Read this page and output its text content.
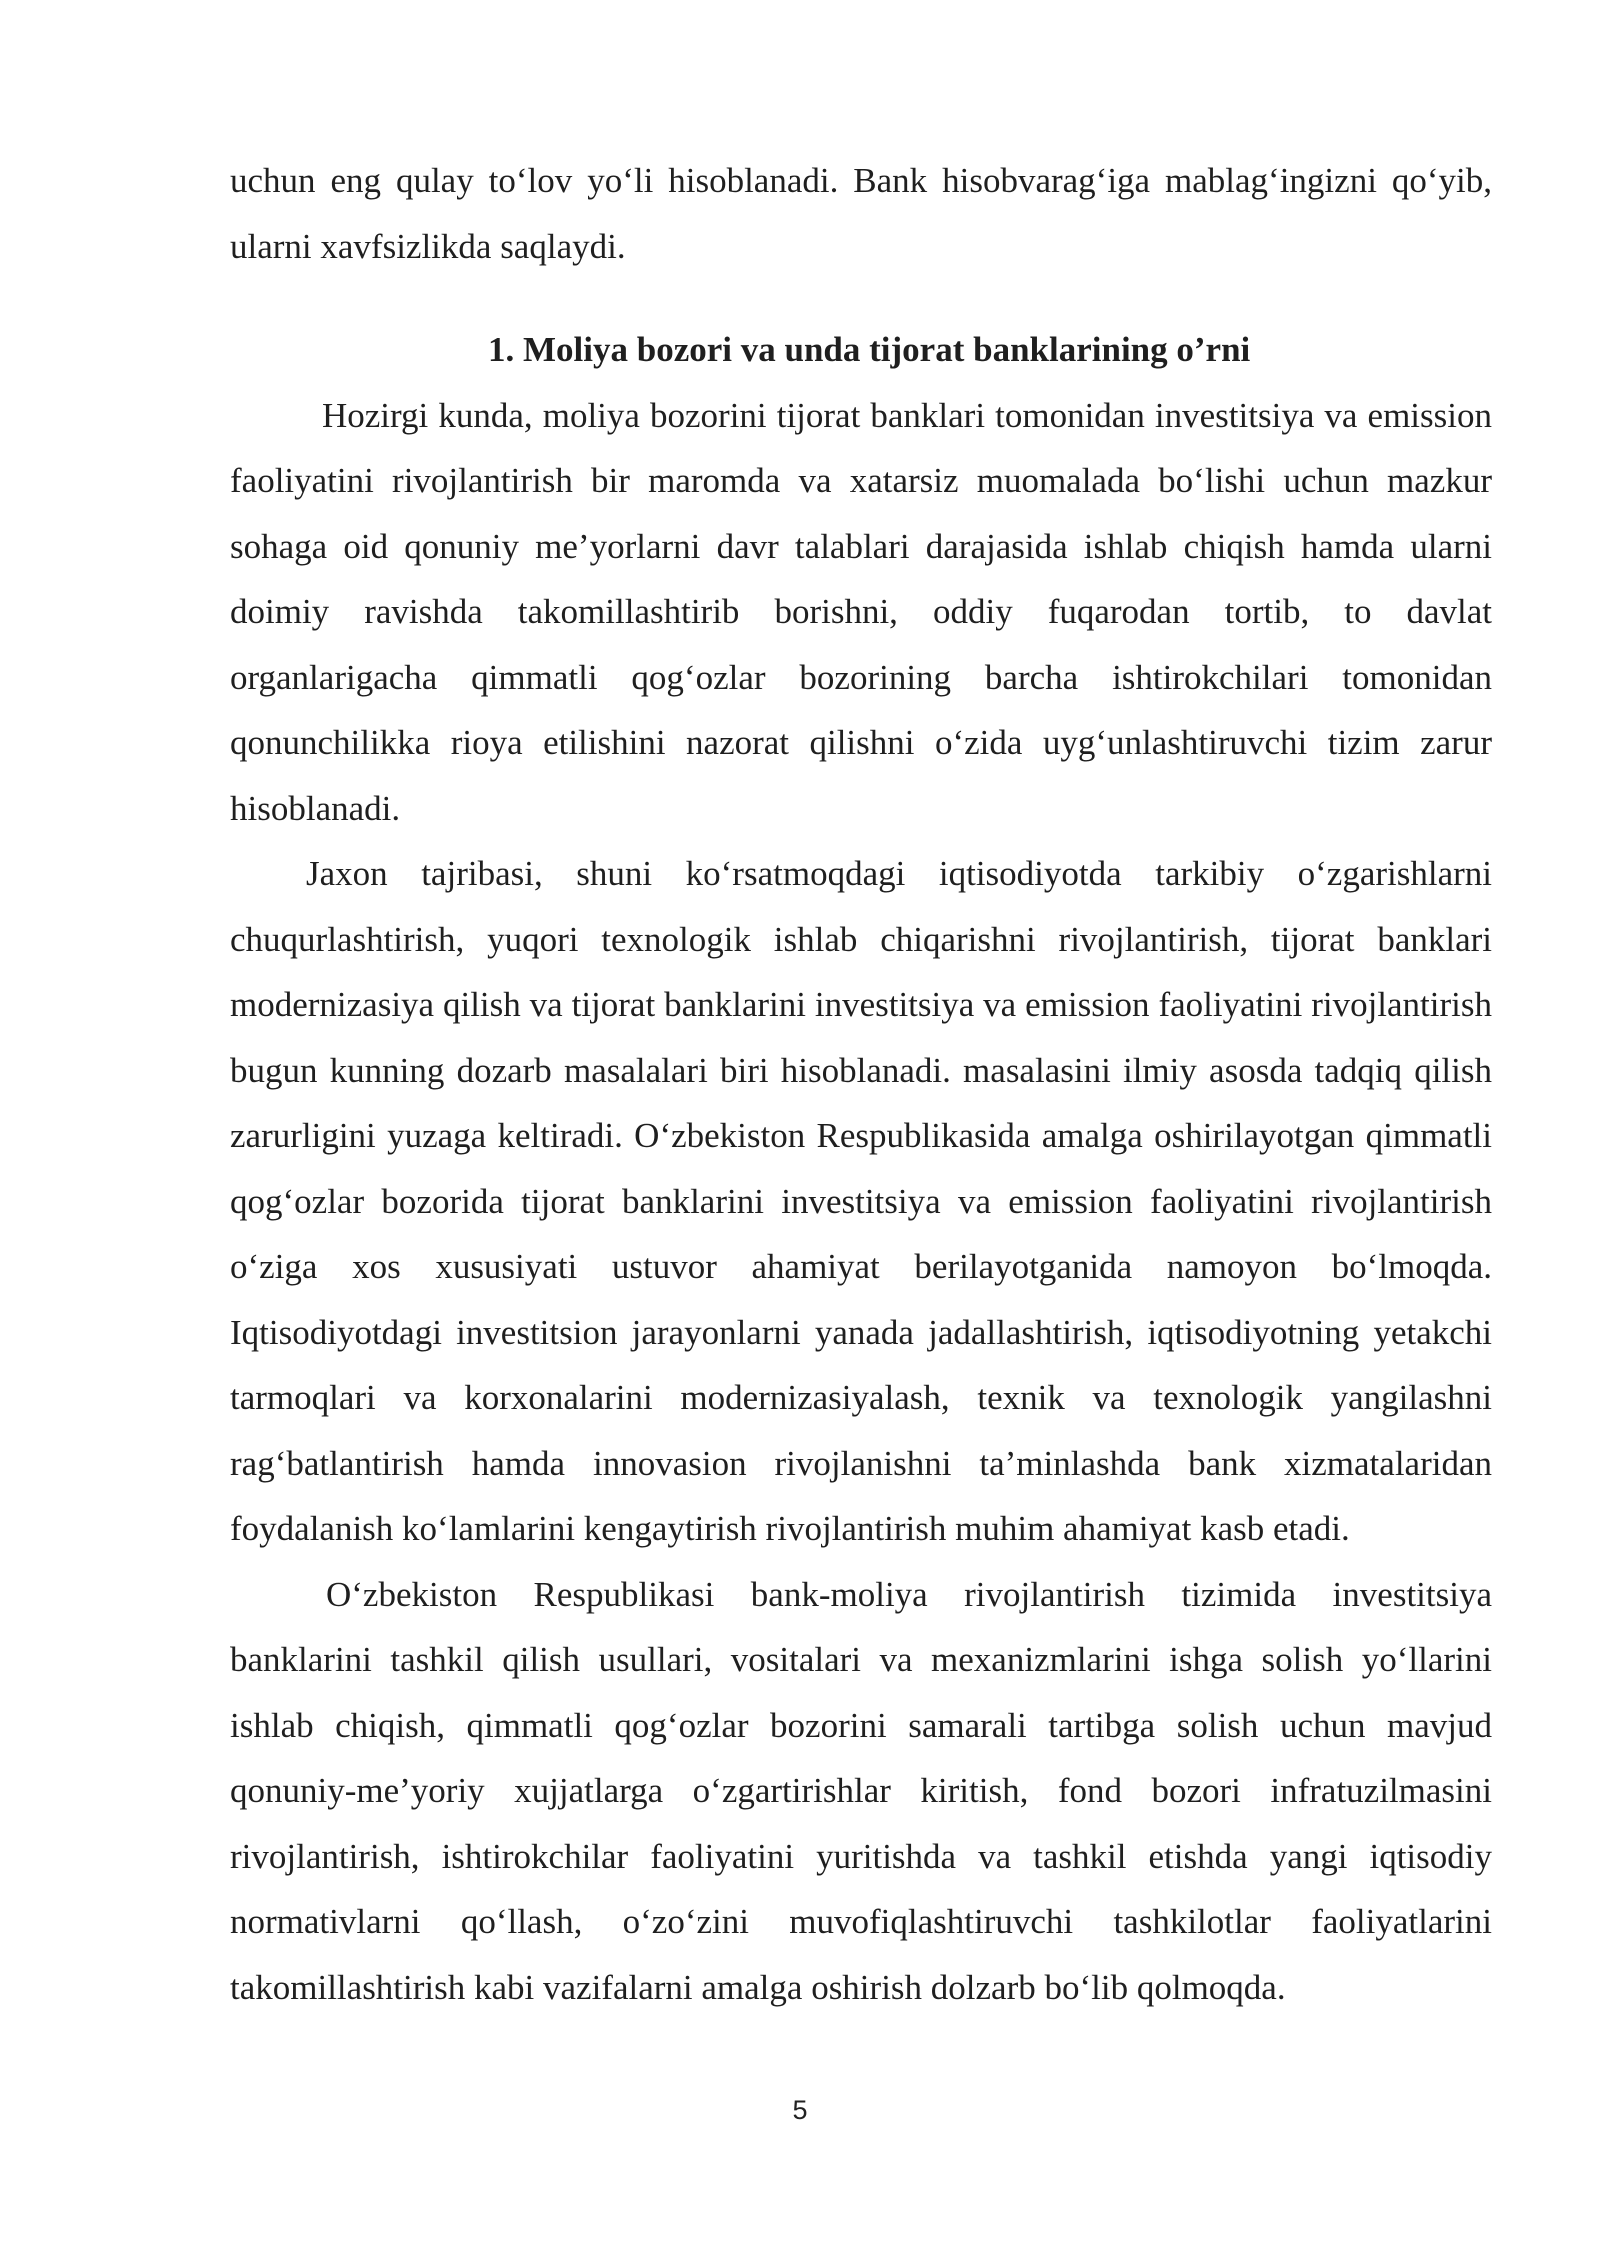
uchun eng qulay to‘lov yo‘li hisoblanadi. Bank hisobvarag‘iga mablag‘ingizni qo‘yib, ularni xavfsizlikda saqlaydi.

1. Moliya bozori va unda tijorat banklarining o’rni

Hozirgi kunda, moliya bozorini tijorat banklari tomonidan investitsiya va emission faoliyatini rivojlantirish bir maromda va xatarsiz muomalada bo‘lishi uchun mazkur sohaga oid qonuniy me’yorlarni davr talablari darajasida ishlab chiqish hamda ularni doimiy ravishda takomillashtirib borishni, oddiy fuqarodan tortib, to davlat organlarigacha qimmatli qog‘ozlar bozorining barcha ishtirokchilari tomonidan qonunchilikka rioya etilishini nazorat qilishni o‘zida uyg‘unlashtiruvchi tizim zarur hisoblanadi.

Jaxon tajribasi, shuni ko‘rsatmoqdagi iqtisodiyotda tarkibiy o‘zgarishlarni chuqurlashtirish, yuqori texnologik ishlab chiqarishni rivojlantirish, tijorat banklari modernizasiya qilish va tijorat banklarini investitsiya va emission faoliyatini rivojlantirish bugun kunning dozarb masalalari biri hisoblanadi. masalasini ilmiy asosda tadqiq qilish zarurligini yuzaga keltiradi. O‘zbekiston Respublikasida amalga oshirilayotgan qimmatli qog‘ozlar bozorida tijorat banklarini investitsiya va emission faoliyatini rivojlantirish o‘ziga xos xususiyati ustuvor ahamiyat berilayotganida namoyon bo‘lmoqda. Iqtisodiyotdagi investitsion jarayonlarni yanada jadallashtirish, iqtisodiyotning yetakchi tarmoqlari va korxonalarini modernizasiyalash, texnik va texnologik yangilashni rag‘batlantirish hamda innovasion rivojlanishni ta’minlashda bank xizmatalaridan foydalanish ko‘lamlarini kengaytirish rivojlantirish muhim ahamiyat kasb etadi.

O‘zbekiston Respublikasi bank-moliya rivojlantirish tizimida investitsiya banklarini tashkil qilish usullari, vositalari va mexanizmlarini ishga solish yo‘llarini ishlab chiqish, qimmatli qog‘ozlar bozorini samarali tartibga solish uchun mavjud qonuniy-me’yoriy xujjatlarga o‘zgartirishlar kiritish, fond bozori infratuzilmasini rivojlantirish, ishtirokchilar faoliyatini yuritishda va tashkil etishda yangi iqtisodiy normativlarni qo‘llash, o‘zo‘zini muvofiqlashtiruvchi tashkilotlar faoliyatlarini takomillashtirish kabi vazifalarni amalga oshirish dolzarb bo‘lib qolmoqda.

5
